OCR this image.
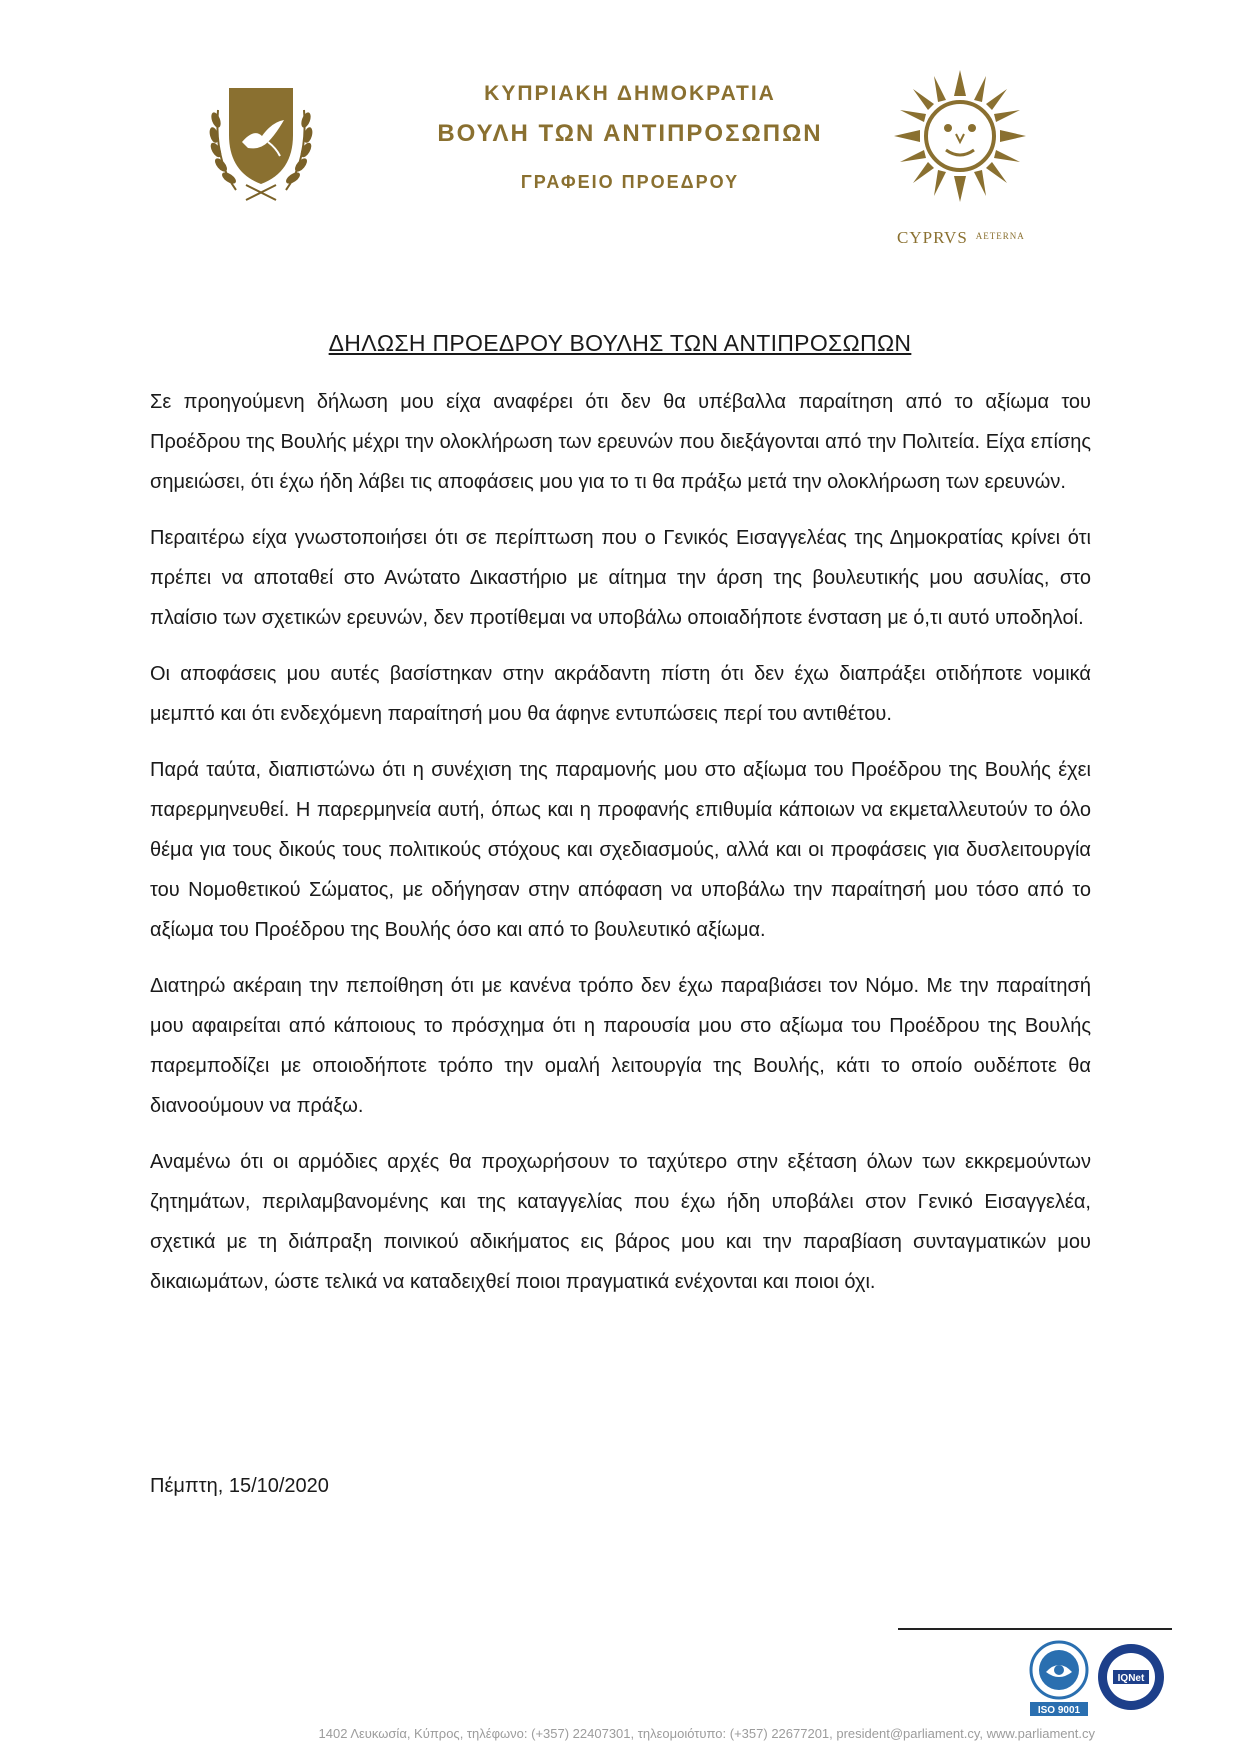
ΚΥΠΡΙΑΚΗ ΔΗΜΟΚΡΑΤΙΑ
ΒΟΥΛΗ ΤΩΝ ΑΝΤΙΠΡΟΣΩΠΩΝ
ΓΡΑΦΕΙΟ ΠΡΟΕΔΡΟΥ
CYPRVS $^{AETERNA}$
ΔΗΛΩΣΗ ΠΡΟΕΔΡΟΥ ΒΟΥΛΗΣ ΤΩΝ ΑΝΤΙΠΡΟΣΩΠΩΝ

Σε προηγούμενη δήλωση μου είχα αναφέρει ότι δεν θα υπέβαλλα παραίτηση από το αξίωμα του Προέδρου της Βουλής μέχρι την ολοκλήρωση των ερευνών που διεξάγονται από την Πολιτεία. Είχα επίσης σημειώσει, ότι έχω ήδη λάβει τις αποφάσεις μου για το τι θα πράξω μετά την ολοκλήρωση των ερευνών.

Περαιτέρω είχα γνωστοποιήσει ότι σε περίπτωση που ο Γενικός Εισαγγελέας της Δημοκρατίας κρίνει ότι πρέπει να αποταθεί στο Ανώτατο Δικαστήριο με αίτημα την άρση της βουλευτικής μου ασυλίας, στο πλαίσιο των σχετικών ερευνών, δεν προτίθεμαι να υποβάλω οποιαδήποτε ένσταση με ό,τι αυτό υποδηλοί.

Οι αποφάσεις μου αυτές βασίστηκαν στην ακράδαντη πίστη ότι δεν έχω διαπράξει οτιδήποτε νομικά μεμπτό και ότι ενδεχόμενη παραίτησή μου θα άφηνε εντυπώσεις περί του αντιθέτου.

Παρά ταύτα, διαπιστώνω ότι η συνέχιση της παραμονής μου στο αξίωμα του Προέδρου της Βουλής έχει παρερμηνευθεί. Η παρερμηνεία αυτή, όπως και η προφανής επιθυμία κάποιων να εκμεταλλευτούν το όλο θέμα για τους δικούς τους πολιτικούς στόχους και σχεδιασμούς, αλλά και οι προφάσεις για δυσλειτουργία του Νομοθετικού Σώματος, με οδήγησαν στην απόφαση να υποβάλω την παραίτησή μου τόσο από το αξίωμα του Προέδρου της Βουλής όσο και από το βουλευτικό αξίωμα.

Διατηρώ ακέραιη την πεποίθηση ότι με κανένα τρόπο δεν έχω παραβιάσει τον Νόμο. Με την παραίτησή μου αφαιρείται από κάποιους το πρόσχημα ότι η παρουσία μου στο αξίωμα του Προέδρου της Βουλής παρεμποδίζει με οποιοδήποτε τρόπο την ομαλή λειτουργία της Βουλής, κάτι το οποίο ουδέποτε θα διανοούμουν να πράξω.

Αναμένω ότι οι αρμόδιες αρχές θα προχωρήσουν το ταχύτερο στην εξέταση όλων των εκκρεμούντων ζητημάτων, περιλαμβανομένης και της καταγγελίας που έχω ήδη υποβάλει στον Γενικό Εισαγγελέα, σχετικά με τη διάπραξη ποινικού αδικήματος εις βάρος μου και την παραβίαση συνταγματικών μου δικαιωμάτων, ώστε τελικά να καταδειχθεί ποιοι πραγματικά ενέχονται και ποιοι όχι.

Πέμπτη, 15/10/2020
ISO 9001
IQNet
1402 Λευκωσία, Κύπρος, τηλέφωνο: (+357) 22407301, τηλεομοιότυπο: (+357) 22677201, president@parliament.cy, www.parliament.cy
